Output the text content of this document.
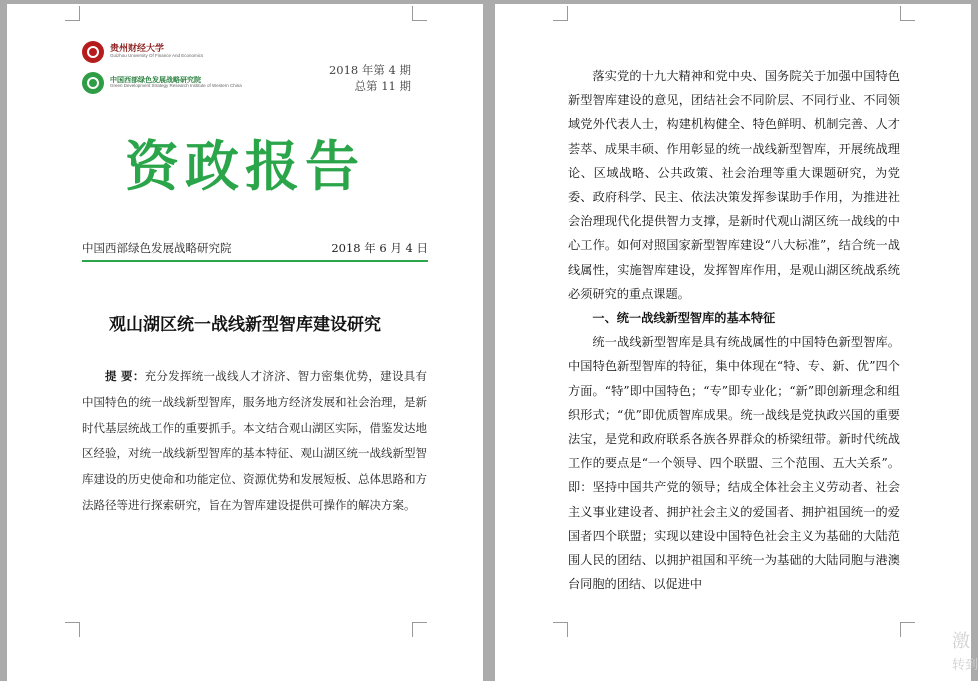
贵州财经大学
Guizhou University Of Finance And Economics
中国西部绿色发展战略研究院
Green Development Strategy Research Institute of Western China
2018 年第 4 期
总第 11 期
资政报告
中国西部绿色发展战略研究院	2018 年 6 月 4 日
观山湖区统一战线新型智库建设研究
提 要：充分发挥统一战线人才济济、智力密集优势，建设具有中国特色的统一战线新型智库，服务地方经济发展和社会治理，是新时代基层统战工作的重要抓手。本文结合观山湖区实际，借鉴发达地区经验，对统一战线新型智库的基本特征、观山湖区统一战线新型智库建设的历史使命和功能定位、资源优势和发展短板、总体思路和方法路径等进行探索研究，旨在为智库建设提供可操作的解决方案。

落实党的十九大精神和党中央、国务院关于加强中国特色新型智库建设的意见，团结社会不同阶层、不同行业、不同领域党外代表人士，构建机构健全、特色鲜明、机制完善、人才荟萃、成果丰硕、作用彰显的统一战线新型智库，开展统战理论、区域战略、公共政策、社会治理等重大课题研究，为党委、政府科学、民主、依法决策发挥参谋助手作用，为推进社会治理现代化提供智力支撑，是新时代观山湖区统一战线的中心工作。如何对照国家新型智库建设“八大标准”，结合统一战线属性，实施智库建设，发挥智库作用，是观山湖区统战系统必须研究的重点课题。

一、统一战线新型智库的基本特征

统一战线新型智库是具有统战属性的中国特色新型智库。中国特色新型智库的特征，集中体现在“特、专、新、优”四个方面。“特”即中国特色；“专”即专业化；“新”即创新理念和组织形式；“优”即优质智库成果。统一战线是党执政兴国的重要法宝，是党和政府联系各族各界群众的桥梁纽带。新时代统战工作的要点是“一个领导、四个联盟、三个范围、五大关系”。即：坚持中国共产党的领导；结成全体社会主义劳动者、社会主义事业建设者、拥护社会主义的爱国者、拥护祖国统一的爱国者四个联盟；实现以建设中国特色社会主义为基础的大陆范围人民的团结、以拥护祖国和平统一为基础的大陆同胞与港澳台同胞的团结、以促进中

激
转到
